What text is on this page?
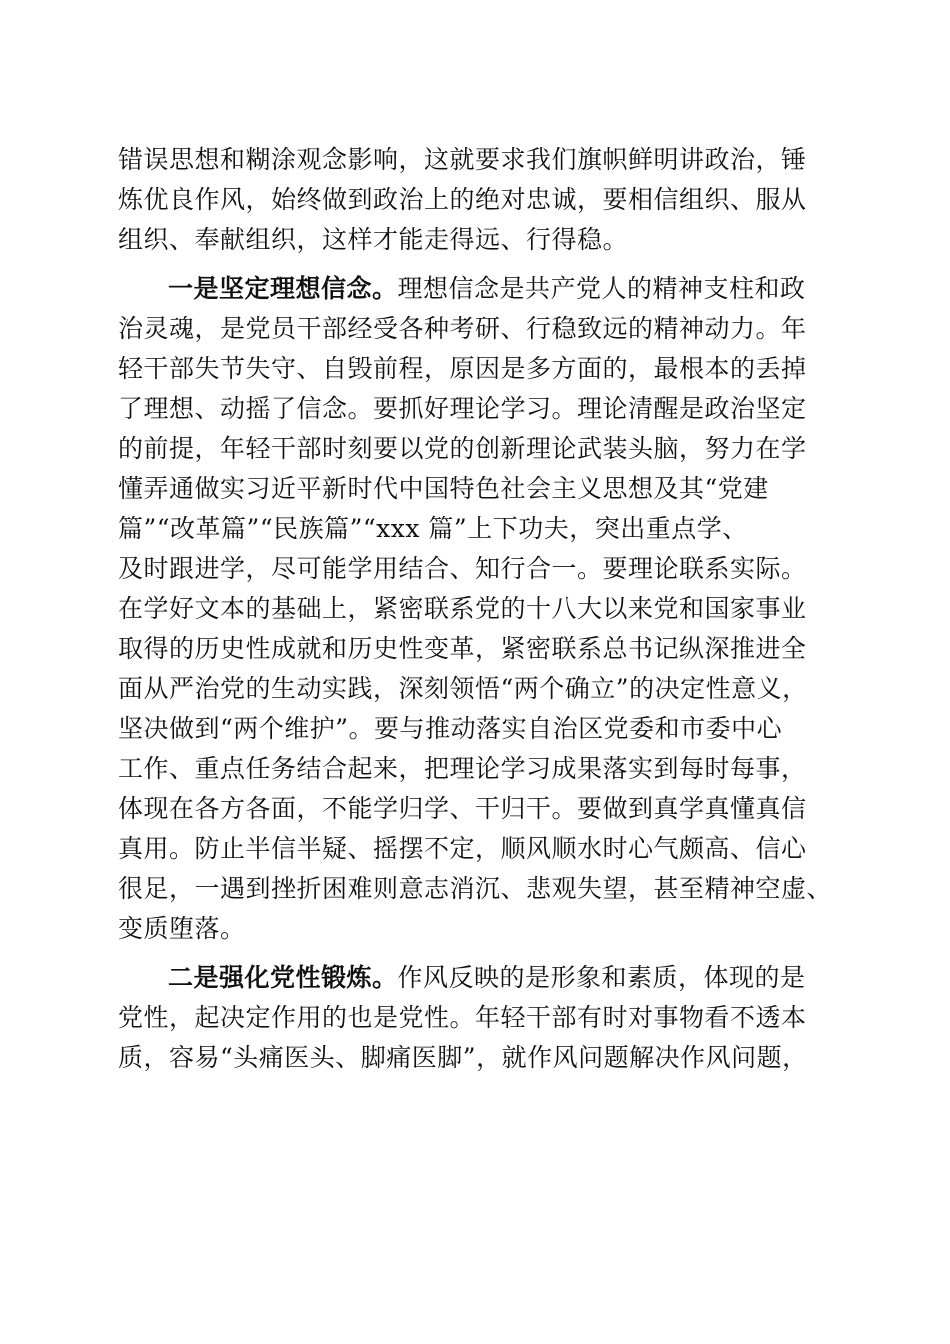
错误思想和糊涂观念影响，这就要求我们旗帜鲜明讲政治，锤
炼优良作风，始终做到政治上的绝对忠诚，要相信组织、服从
组织、奉献组织，这样才能走得远、行得稳。
一是坚定理想信念。理想信念是共产党人的精神支柱和政
治灵魂，是党员干部经受各种考研、行稳致远的精神动力。年
轻干部失节失守、自毁前程，原因是多方面的，最根本的丢掉
了理想、动摇了信念。要抓好理论学习。理论清醒是政治坚定
的前提，年轻干部时刻要以党的创新理论武装头脑，努力在学
懂弄通做实习近平新时代中国特色社会主义思想及其“党建
篇”“改革篇”“民族篇”“xxx 篇”上下功夫，突出重点学、
及时跟进学，尽可能学用结合、知行合一。要理论联系实际。
在学好文本的基础上，紧密联系党的十八大以来党和国家事业
取得的历史性成就和历史性变革，紧密联系总书记纵深推进全
面从严治党的生动实践，深刻领悟“两个确立”的决定性意义，
坚决做到“两个维护”。要与推动落实自治区党委和市委中心
工作、重点任务结合起来，把理论学习成果落实到每时每事，
体现在各方各面，不能学归学、干归干。要做到真学真懂真信
真用。防止半信半疑、摇摆不定，顺风顺水时心气颇高、信心
很足，一遇到挫折困难则意志消沉、悲观失望，甚至精神空虚、
变质堕落。
二是强化党性锻炼。作风反映的是形象和素质，体现的是
党性，起决定作用的也是党性。年轻干部有时对事物看不透本
质，容易“头痛医头、脚痛医脚”，就作风问题解决作风问题，
